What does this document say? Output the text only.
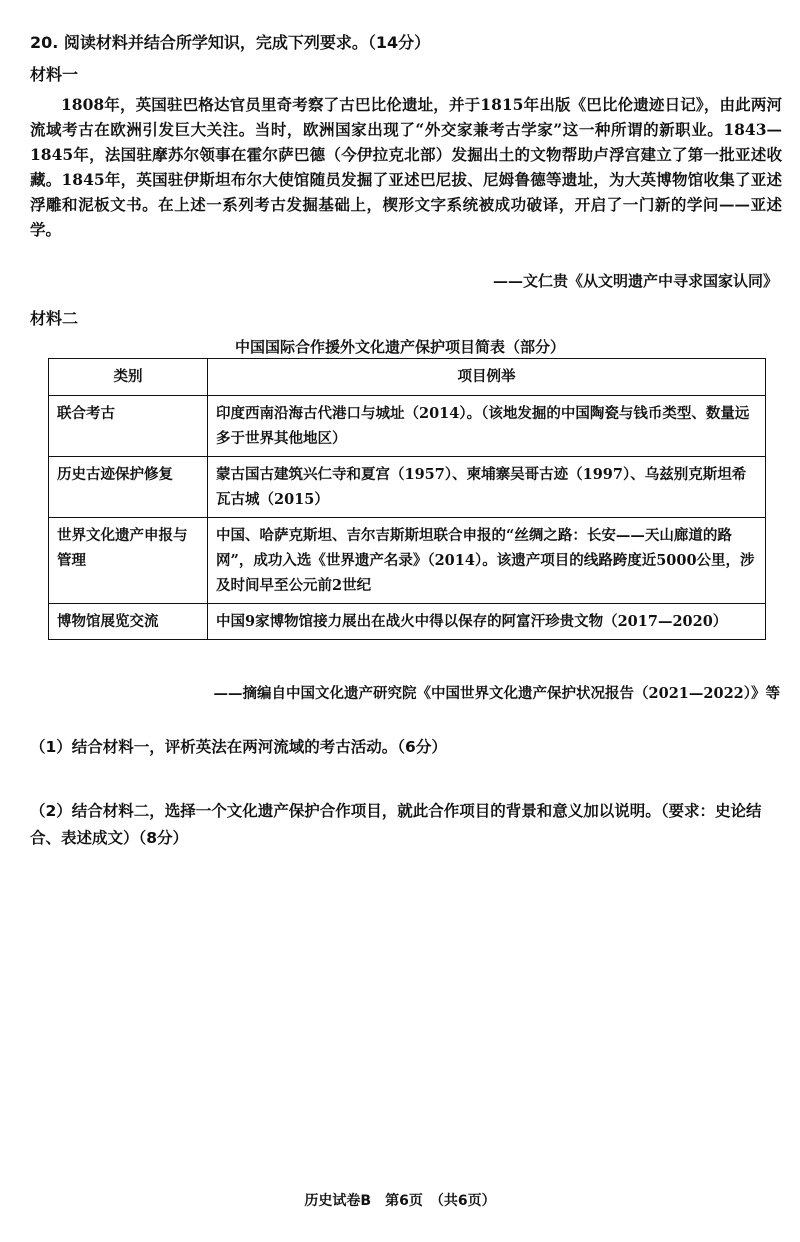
20. 阅读材料并结合所学知识，完成下列要求。（14分）
材料一
1808年，英国驻巴格达官员里奇考察了古巴比伦遗址，并于1815年出版《巴比伦遗迹日记》，由此两河流域考古在欧洲引发巨大关注。当时，欧洲国家出现了“外交家兼考古学家”这一种所谓的新职业。1843—1845年，法国驻摩苏尔领事在霍尔萨巴德（今伊拉克北部）发掘出土的文物帮助卢浮宫建立了第一批亚述收藏。1845年，英国驻伊斯坦布尔大使馆随员发掘了亚述巴尼拔、尼姆鲁德等遗址，为大英博物馆收集了亚述浮雕和泥板文书。在上述一系列考古发掘基础上，楔形文字系统被成功破译，开启了一门新的学问——亚述学。
——文仁贵《从文明遗产中寻求国家认同》
材料二
中国国际合作援外文化遗产保护项目简表（部分）
类别	项目例举
联合考古	印度西南沿海古代港口与城址（2014）。（该地发掘的中国陶瓷与钱币类型、数量远多于世界其他地区）
历史古迹保护修复	蒙古国古建筑兴仁寺和夏宫（1957）、柬埔寨吴哥古迹（1997）、乌兹别克斯坦希瓦古城（2015）
世界文化遗产申报与管理	中国、哈萨克斯坦、吉尔吉斯斯坦联合申报的“丝绸之路：长安——天山廊道的路网”，成功入选《世界遗产名录》（2014）。该遗产项目的线路跨度近5000公里，涉及时间早至公元前2世纪
博物馆展览交流	中国9家博物馆接力展出在战火中得以保存的阿富汗珍贵文物（2017—2020）
——摘编自中国文化遗产研究院《中国世界文化遗产保护状况报告（2021—2022）》等
（1）结合材料一，评析英法在两河流域的考古活动。（6分）
（2）结合材料二，选择一个文化遗产保护合作项目，就此合作项目的背景和意义加以说明。（要求：史论结合、表述成文）（8分）
历史试卷B　第6页　（共6页）
